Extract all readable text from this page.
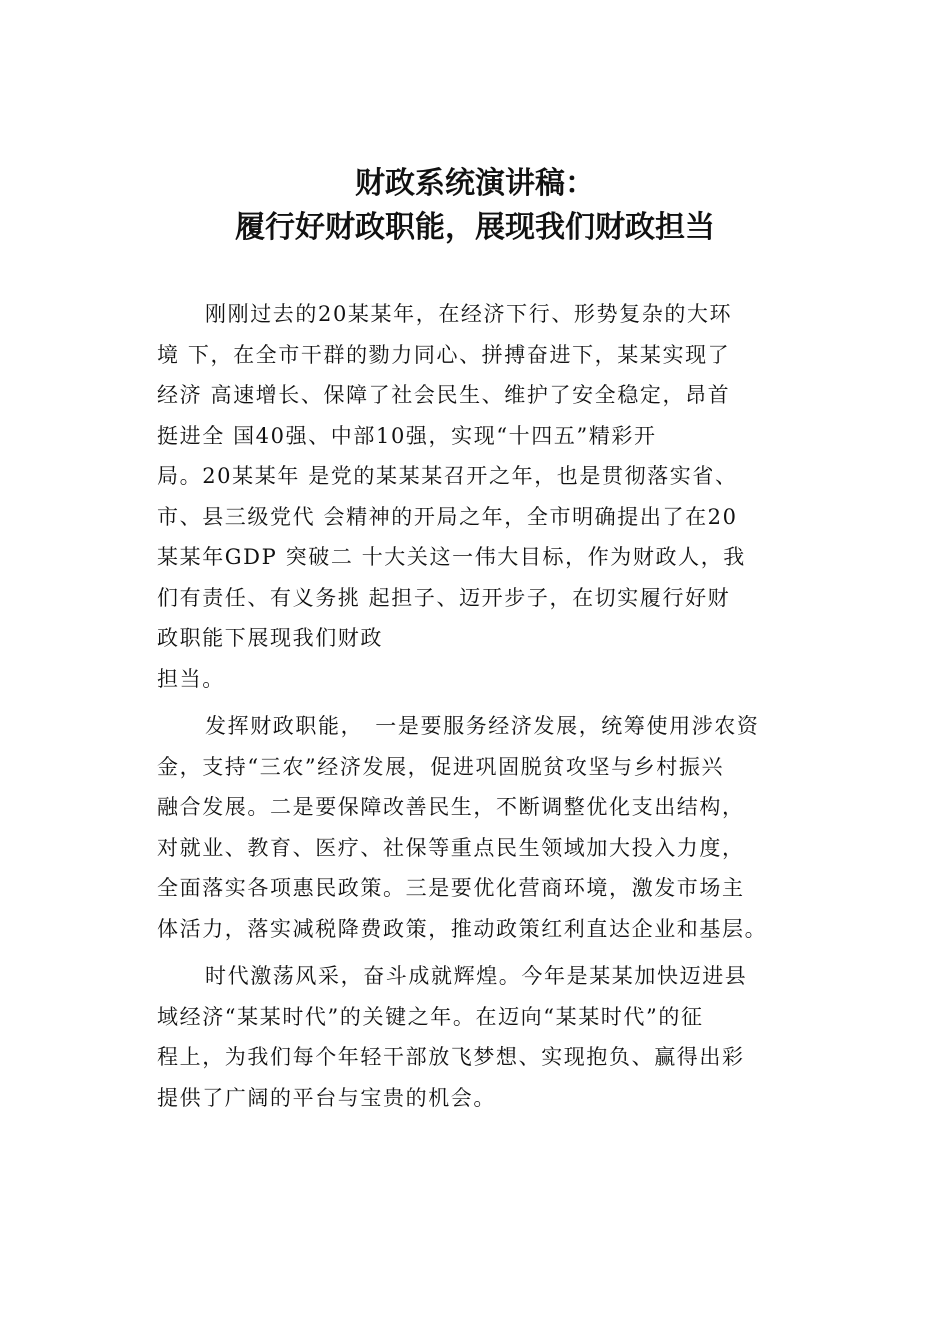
财政系统演讲稿：
履行好财政职能，展现我们财政担当

刚刚过去的20某某年，在经济下行、形势复杂的大环
境 下，在全市干群的勠力同心、拼搏奋进下，某某实现了
经济 高速增长、保障了社会民生、维护了安全稳定，昂首
挺进全 国40强、中部10强，实现“十四五”精彩开
局。20某某年 是党的某某某召开之年，也是贯彻落实省、
市、县三级党代 会精神的开局之年，全市明确提出了在20
某某年GDP 突破二 十大关这一伟大目标，作为财政人，我
们有责任、有义务挑 起担子、迈开步子，在切实履行好财
政职能下展现我们财政
担当。

发挥财政职能，　一是要服务经济发展，统筹使用涉农资
金，支持“三农”经济发展，促进巩固脱贫攻坚与乡村振兴
融合发展。二是要保障改善民生，不断调整优化支出结构，
对就业、教育、医疗、社保等重点民生领域加大投入力度，
全面落实各项惠民政策。三是要优化营商环境，激发市场主
体活力，落实减税降费政策，推动政策红利直达企业和基层。

时代激荡风采，奋斗成就辉煌。今年是某某加快迈进县
域经济“某某时代”的关键之年。在迈向“某某时代”的征
程上，为我们每个年轻干部放飞梦想、实现抱负、赢得出彩
提供了广阔的平台与宝贵的机会。
